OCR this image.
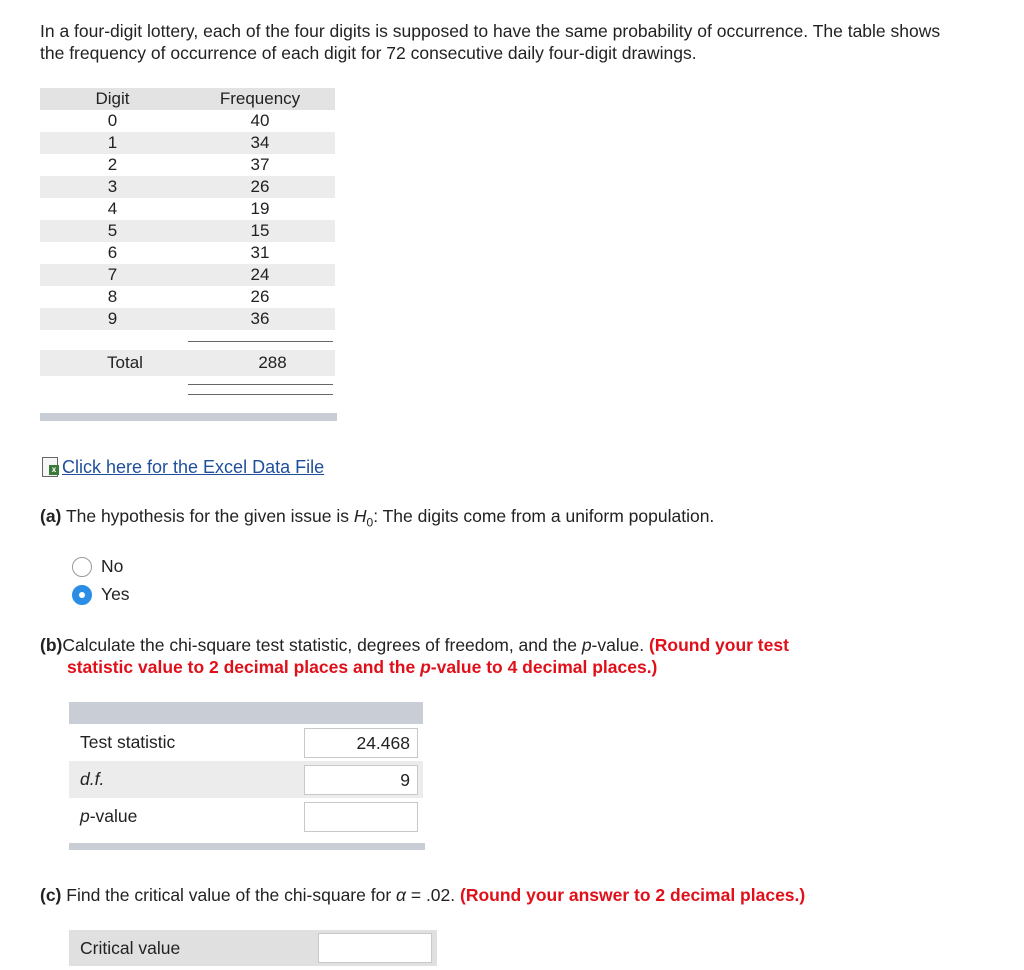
In a four-digit lottery, each of the four digits is supposed to have the same probability of occurrence. The table shows the frequency of occurrence of each digit for 72 consecutive daily four-digit drawings.
Digit	Frequency
0	40
1	34
2	37
3	26
4	19
5	15
6	31
7	24
8	26
9	36
Total	288
x Click here for the Excel Data File
(a) The hypothesis for the given issue is $H_0$: The digits come from a uniform population.
No
Yes
(b)Calculate the chi-square test statistic, degrees of freedom, and the p-value. (Round your test
statistic value to 2 decimal places and the p-value to 4 decimal places.)
Test statistic	24.468
d.f.	9
p-value
(c) Find the critical value of the chi-square for α = .02. (Round your answer to 2 decimal places.)
Critical value
